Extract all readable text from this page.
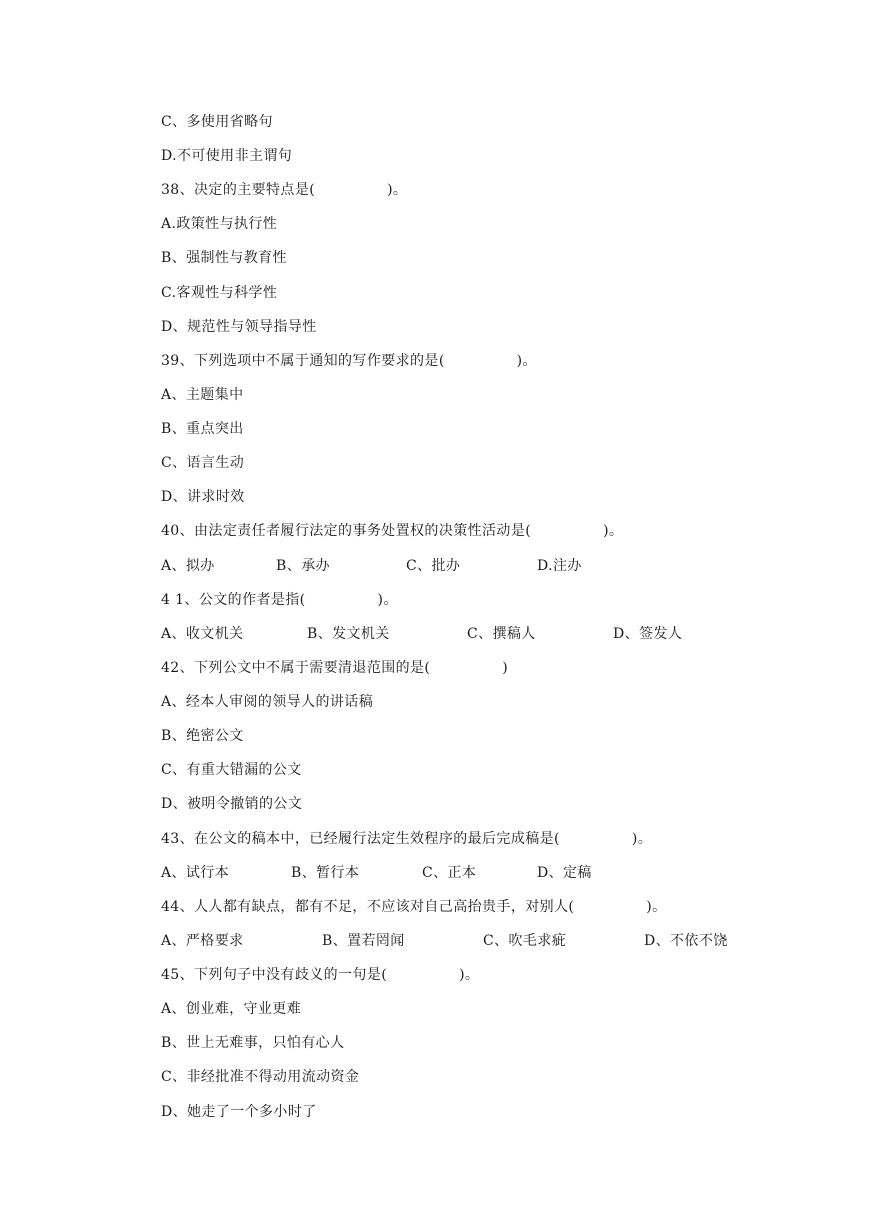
C、多使用省略句
D.不可使用非主谓句
38、决定的主要特点是(　　　　　)。
A.政策性与执行性
B、强制性与教育性
C.客观性与科学性
D、规范性与领导指导性
39、下列选项中不属于通知的写作要求的是(　　　　　)。
A、主题集中
B、重点突出
C、语言生动
D、讲求时效
40、由法定责任者履行法定的事务处置权的决策性活动是(　　　　　)。
A、拟办	B、承办	C、批办	D.注办
4 1、公文的作者是指(　　　　　)。
A、收文机关	B、发文机关	C、撰稿人	D、签发人
42、下列公文中不属于需要清退范围的是(　　　　　)
A、经本人审阅的领导人的讲话稿
B、绝密公文
C、有重大错漏的公文
D、被明令撤销的公文
43、在公文的稿本中，已经履行法定生效程序的最后完成稿是(　　　　　)。
A、试行本	B、暂行本	C、正本	D、定稿
44、人人都有缺点，都有不足，不应该对自己高抬贵手，对别人(　　　　　)。
A、严格要求	B、置若罔闻	C、吹毛求疵	D、不依不饶
45、下列句子中没有歧义的一句是(　　　　　)。
A、创业难，守业更难
B、世上无难事，只怕有心人
C、非经批准不得动用流动资金
D、她走了一个多小时了
